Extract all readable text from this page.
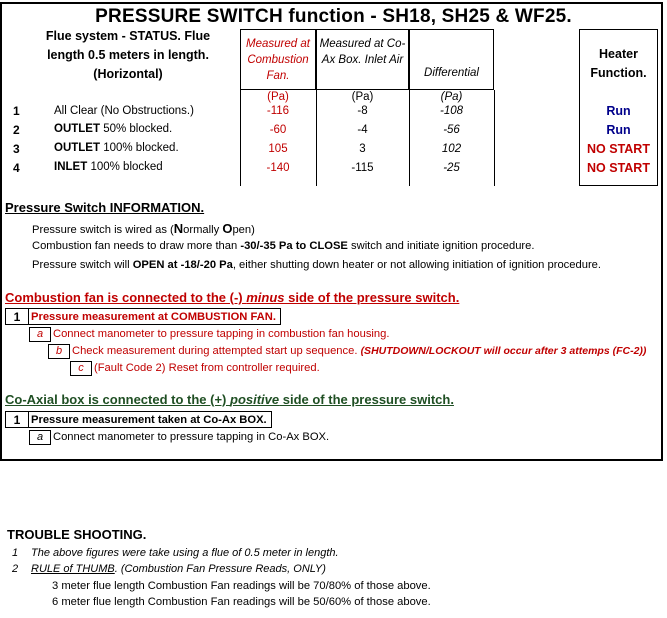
PRESSURE SWITCH function - SH18, SH25 & WF25.
Flue system - STATUS. Flue length 0.5 meters in length. (Horizontal)
Measured at Combustion Fan.
Measured at Co-Ax Box. Inlet Air
Differential
Heater Function.
(Pa)	(Pa)	(Pa)
1	All Clear (No Obstructions.)	-116	-8	-108	Run
2	OUTLET 50% blocked.	-60	-4	-56	Run
3	OUTLET 100% blocked.	105	3	102	NO START
4	INLET 100% blocked	-140	-115	-25	NO START
Pressure Switch INFORMATION.
Pressure switch is wired as (Normally Open)
Combustion fan needs to draw more than -30/-35 Pa to CLOSE switch and initiate ignition procedure.
Pressure switch will OPEN at -18/-20 Pa, either shutting down heater or not allowing initiation of ignition procedure.
Combustion fan is connected to the (-) minus side of the pressure switch.
1 Pressure measurement at COMBUSTION FAN.
a Connect manometer to pressure tapping in combustion fan housing.
b Check measurement during attempted start up sequence. (SHUTDOWN/LOCKOUT will occur after 3 attemps (FC-2))
c (Fault Code 2) Reset from controller required.
Co-Axial box is connected to the (+) positive side of the pressure switch.
1 Pressure measurement taken at Co-Ax BOX.
a Connect manometer to pressure tapping in Co-Ax BOX.
TROUBLE SHOOTING.
1 The above figures were take using a flue of 0.5 meter in length.
2 RULE of THUMB. (Combustion Fan Pressure Reads, ONLY)
3 meter flue length Combustion Fan readings will be 70/80% of those above.
6 meter flue length Combustion Fan readings will be 50/60% of those above.
